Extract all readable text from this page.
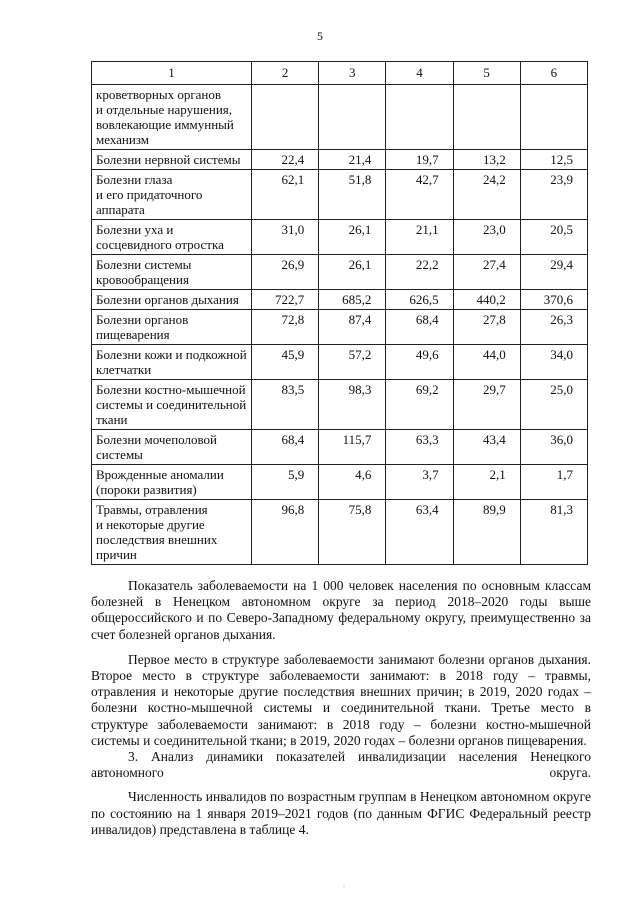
5
1	2	3	4	5	6
кроветворных органов
и отдельные нарушения, вовлекающие иммунный механизм					
Болезни нервной системы	22,4	21,4	19,7	13,2	12,5
Болезни глаза
и его придаточного аппарата	62,1	51,8	42,7	24,2	23,9
Болезни уха и сосцевидного отростка	31,0	26,1	21,1	23,0	20,5
Болезни системы кровообращения	26,9	26,1	22,2	27,4	29,4
Болезни органов дыхания	722,7	685,2	626,5	440,2	370,6
Болезни органов пищеварения	72,8	87,4	68,4	27,8	26,3
Болезни кожи и подкожной клетчатки	45,9	57,2	49,6	44,0	34,0
Болезни костно-мышечной системы и соединительной ткани	83,5	98,3	69,2	29,7	25,0
Болезни мочеполовой системы	68,4	115,7	63,3	43,4	36,0
Врожденные аномалии (пороки развития)	5,9	4,6	3,7	2,1	1,7
Травмы, отравления
и некоторые другие последствия внешних причин	96,8	75,8	63,4	89,9	81,3

Показатель заболеваемости на 1 000 человек населения по основным классам болезней в Ненецком автономном округе за период 2018–2020 годы выше общероссийского и по Северо-Западному федеральному округу, преимущественно за счет болезней органов дыхания.

Первое место в структуре заболеваемости занимают болезни органов дыхания. Второе место в структуре заболеваемости занимают: в 2018 году – травмы, отравления и некоторые другие последствия внешних причин; в 2019, 2020 годах – болезни костно-мышечной системы и соединительной ткани. Третье место в структуре заболеваемости занимают: в 2018 году – болезни костно-мышечной системы и соединительной ткани; в 2019, 2020 годах – болезни органов пищеварения.

3. Анализ динамики показателей инвалидизации населения Ненецкого автономного округа.

Численность инвалидов по возрастным группам в Ненецком автономном округе по состоянию на 1 января 2019–2021 годов (по данным ФГИС Федеральный реестр инвалидов) представлена в таблице 4.

.
